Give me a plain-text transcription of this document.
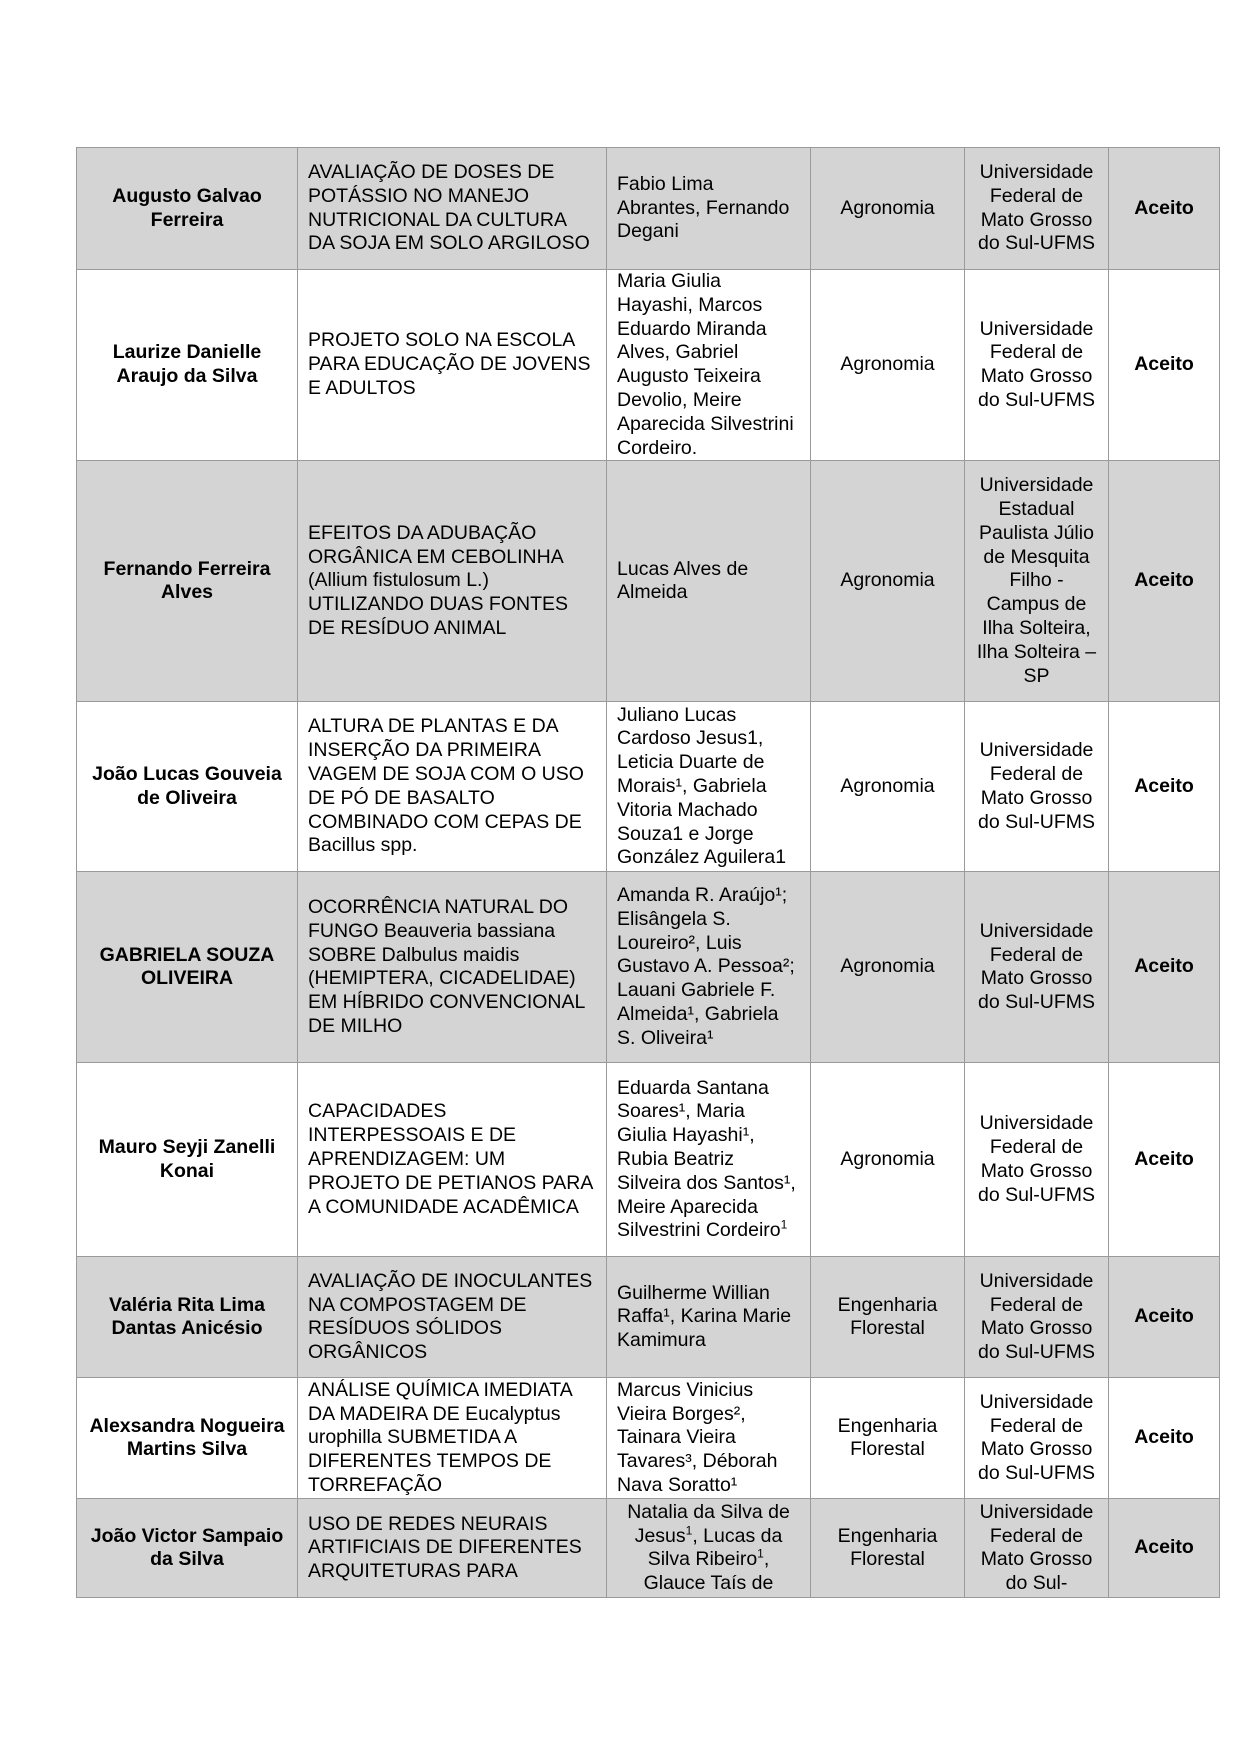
Augusto Galvao Ferreira	AVALIAÇÃO DE DOSES DE POTÁSSIO NO MANEJO NUTRICIONAL DA CULTURA DA SOJA EM SOLO ARGILOSO	Fabio Lima Abrantes, Fernando Degani	Agronomia	Universidade Federal de Mato Grosso do Sul-UFMS	Aceito
Laurize Danielle Araujo da Silva	PROJETO SOLO NA ESCOLA PARA EDUCAÇÃO DE JOVENS E ADULTOS	Maria Giulia Hayashi, Marcos Eduardo Miranda Alves, Gabriel Augusto Teixeira Devolio, Meire Aparecida Silvestrini Cordeiro.	Agronomia	Universidade Federal de Mato Grosso do Sul-UFMS	Aceito
Fernando Ferreira Alves	EFEITOS DA ADUBAÇÃO ORGÂNICA EM CEBOLINHA (Allium fistulosum L.) UTILIZANDO DUAS FONTES DE RESÍDUO ANIMAL	Lucas Alves de Almeida	Agronomia	Universidade Estadual Paulista Júlio de Mesquita Filho - Campus de Ilha Solteira, Ilha Solteira – SP	Aceito
João Lucas Gouveia de Oliveira	ALTURA DE PLANTAS E DA INSERÇÃO DA PRIMEIRA VAGEM DE SOJA COM O USO DE PÓ DE BASALTO COMBINADO COM CEPAS DE Bacillus spp.	Juliano Lucas Cardoso Jesus1, Leticia Duarte de Morais¹, Gabriela Vitoria Machado Souza1 e Jorge González Aguilera1	Agronomia	Universidade Federal de Mato Grosso do Sul-UFMS	Aceito
GABRIELA SOUZA OLIVEIRA	OCORRÊNCIA NATURAL DO FUNGO Beauveria bassiana SOBRE Dalbulus maidis (HEMIPTERA, CICADELIDAE) EM HÍBRIDO CONVENCIONAL DE MILHO	Amanda R. Araújo¹; Elisângela S. Loureiro², Luis Gustavo A. Pessoa²; Lauani Gabriele F. Almeida¹, Gabriela S. Oliveira¹	Agronomia	Universidade Federal de Mato Grosso do Sul-UFMS	Aceito
Mauro Seyji Zanelli Konai	CAPACIDADES INTERPESSOAIS E DE APRENDIZAGEM: UM PROJETO DE PETIANOS PARA A COMUNIDADE ACADÊMICA	Eduarda Santana Soares¹, Maria Giulia Hayashi¹, Rubia Beatriz Silveira dos Santos¹, Meire Aparecida Silvestrini Cordeiro$^1$	Agronomia	Universidade Federal de Mato Grosso do Sul-UFMS	Aceito
Valéria Rita Lima Dantas Anicésio	AVALIAÇÃO DE INOCULANTES NA COMPOSTAGEM DE RESÍDUOS SÓLIDOS ORGÂNICOS	Guilherme Willian Raffa¹, Karina Marie Kamimura	Engenharia Florestal	Universidade Federal de Mato Grosso do Sul-UFMS	Aceito
Alexsandra Nogueira Martins Silva	ANÁLISE QUÍMICA IMEDIATA DA MADEIRA DE Eucalyptus urophilla SUBMETIDA A DIFERENTES TEMPOS DE TORREFAÇÃO	Marcus Vinicius Vieira Borges², Tainara Vieira Tavares³, Déborah Nava Soratto¹	Engenharia Florestal	Universidade Federal de Mato Grosso do Sul-UFMS	Aceito
João Victor Sampaio da Silva	USO DE REDES NEURAIS ARTIFICIAIS DE DIFERENTES ARQUITETURAS PARA	Natalia da Silva de Jesus$^1$, Lucas da Silva Ribeiro$^1$, Glauce Taís de	Engenharia Florestal	Universidade Federal de Mato Grosso do Sul-	Aceito
